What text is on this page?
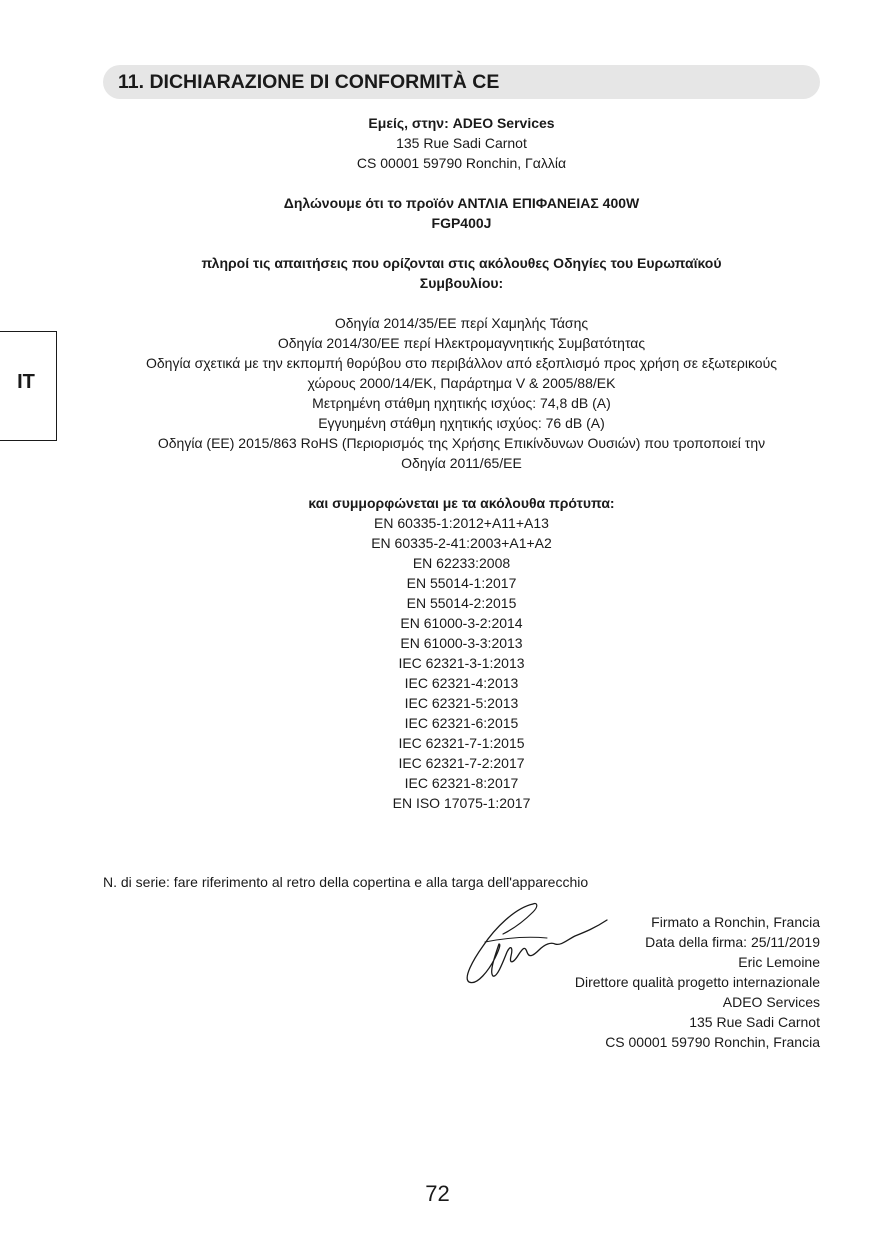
11. DICHIARAZIONE DI CONFORMITÀ CE
IT
Εμείς, στην: ADEO Services
135 Rue Sadi Carnot
CS 00001 59790 Ronchin, Γαλλία
Δηλώνουμε ότι το προϊόν ΑΝΤΛΙΑ ΕΠΙΦΑΝΕΙΑΣ 400W
FGP400J
πληροί τις απαιτήσεις που ορίζονται στις ακόλουθες Οδηγίες του Ευρωπαϊκού
Συμβουλίου:
Οδηγία 2014/35/ΕΕ περί Χαμηλής Τάσης
Οδηγία 2014/30/ΕΕ περί Ηλεκτρομαγνητικής Συμβατότητας
Οδηγία σχετικά με την εκπομπή θορύβου στο περιβάλλον από εξοπλισμό προς χρήση σε εξωτερικούς
χώρους 2000/14/ΕΚ, Παράρτημα V & 2005/88/ΕΚ
Μετρημένη στάθμη ηχητικής ισχύος: 74,8 dB (A)
Εγγυημένη στάθμη ηχητικής ισχύος: 76 dB (A)
Οδηγία (ΕΕ) 2015/863 RoHS (Περιορισμός της Χρήσης Επικίνδυνων Ουσιών) που τροποποιεί την
Οδηγία 2011/65/ΕΕ
και συμμορφώνεται με τα ακόλουθα πρότυπα:
EN 60335-1:2012+A11+A13
EN 60335-2-41:2003+A1+A2
EN 62233:2008
EN 55014-1:2017
EN 55014-2:2015
EN 61000-3-2:2014
EN 61000-3-3:2013
IEC 62321-3-1:2013
IEC 62321-4:2013
IEC 62321-5:2013
IEC 62321-6:2015
IEC 62321-7-1:2015
IEC 62321-7-2:2017
IEC 62321-8:2017
EN ISO 17075-1:2017
N. di serie: fare riferimento al retro della copertina e alla targa dell'apparecchio
Firmato a Ronchin, Francia
Data della firma: 25/11/2019
Eric Lemoine
Direttore qualità progetto internazionale
ADEO Services
135 Rue Sadi Carnot
CS 00001 59790 Ronchin, Francia
72
